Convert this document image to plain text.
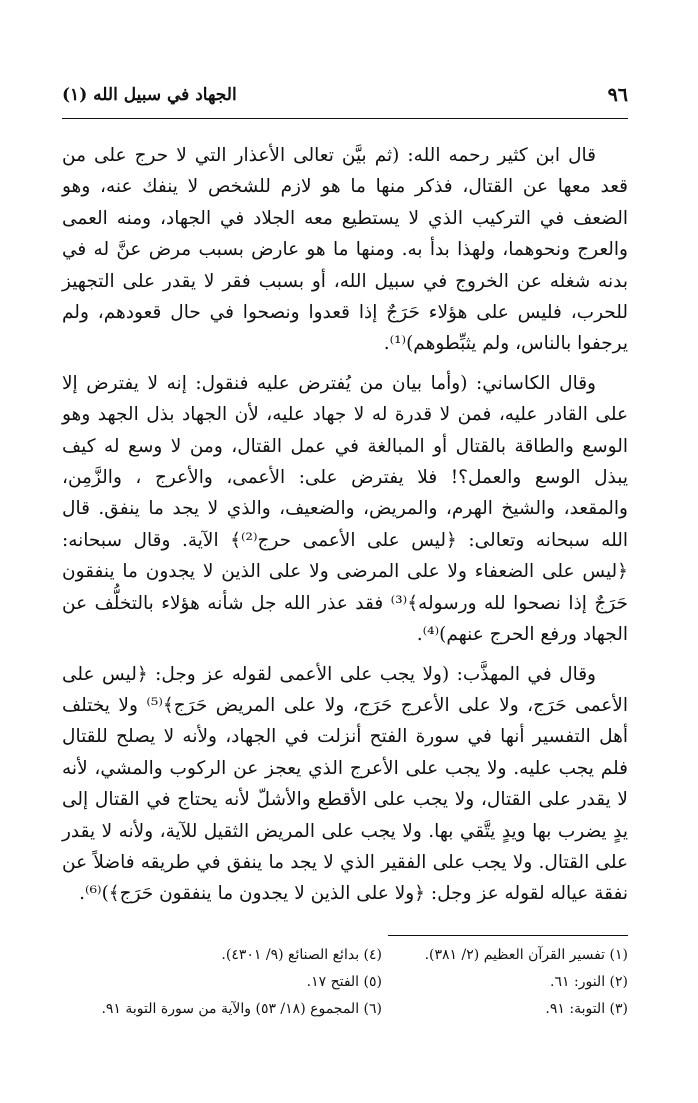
٩٦
الجهاد في سبيل الله (١)

قال ابن كثير رحمه الله: (ثم بيَّن تعالى الأعذار التي لا حرج على من قعد معها عن القتال، فذكر منها ما هو لازم للشخص لا ينفك عنه، وهو الضعف في التركيب الذي لا يستطيع معه الجلاد في الجهاد، ومنه العمى والعرج ونحوهما، ولهذا بدأ به. ومنها ما هو عارض بسبب مرض عنَّ له في بدنه شغله عن الخروج في سبيل الله، أو بسبب فقر لا يقدر على التجهيز للحرب، فليس على هؤلاء حَرَجٌ إذا قعدوا ونصحوا في حال قعودهم، ولم يرجفوا بالناس، ولم يثبِّطوهم)⁽¹⁾.

وقال الكاساني: (وأما بيان من يُفترض عليه فنقول: إنه لا يفترض إلا على القادر عليه، فمن لا قدرة له لا جهاد عليه، لأن الجهاد بذل الجهد وهو الوسع والطاقة بالقتال أو المبالغة في عمل القتال، ومن لا وسع له كيف يبذل الوسع والعمل؟! فلا يفترض على: الأعمى، والأعرج ، والزَّمِن، والمقعد، والشيخ الهرم، والمريض، والضعيف، والذي لا يجد ما ينفق. قال الله سبحانه وتعالى: ﴿ليس على الأعمى حرج⁽²⁾﴾ الآية. وقال سبحانه: ﴿ليس على الضعفاء ولا على المرضى ولا على الذين لا يجدون ما ينفقون حَرَجٌ إذا نصحوا لله ورسوله﴾⁽³⁾ فقد عذر الله جل شأنه هؤلاء بالتخلُّف عن الجهاد ورفع الحرج عنهم)⁽⁴⁾.

وقال في المهذَّب: (ولا يجب على الأعمى لقوله عز وجل: ﴿ليس على الأعمى حَرَج، ولا على الأعرج حَرَج، ولا على المريض حَرَج﴾⁽⁵⁾ ولا يختلف أهل التفسير أنها في سورة الفتح أنزلت في الجهاد، ولأنه لا يصلح للقتال فلم يجب عليه. ولا يجب على الأعرج الذي يعجز عن الركوب والمشي، لأنه لا يقدر على القتال، ولا يجب على الأقطع والأشلّ لأنه يحتاج في القتال إلى يدٍ يضرب بها ويدٍ يتَّقي بها. ولا يجب على المريض الثقيل للآية، ولأنه لا يقدر على القتال. ولا يجب على الفقير الذي لا يجد ما ينفق في طريقه فاضلاً عن نفقة عياله لقوله عز وجل: ﴿ولا على الذين لا يجدون ما ينفقون حَرَج﴾)⁽⁶⁾.

(١) تفسير القرآن العظيم (٢/ ٣٨١).
(٢) النور: ٦١.
(٣) التوبة: ٩١.
(٤) بدائع الصنائع (٩/ ٤٣٠١).
(٥) الفتح ١٧.
(٦) المجموع (١٨/ ٥٣) والآية من سورة التوبة ٩١.
